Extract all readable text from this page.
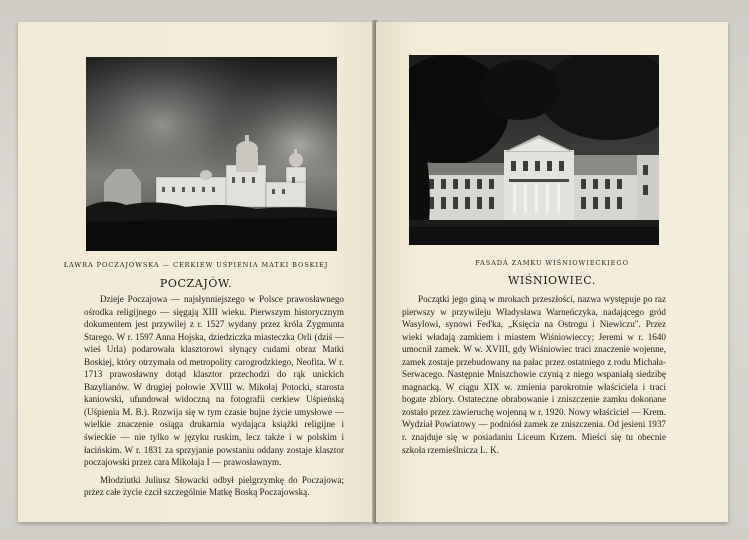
ŁAWRA POCZAJOWSKA — CERKIEW UŚPIENIA MATKI BOSKIEJ
POCZAJÓW.

Dzieje Poczajowa — najsłynniejszego w Polsce prawosławnego ośrodka religijnego — sięgają XIII wieku. Pierwszym historycznym dokumentem jest przywilej z r. 1527 wydany przez króla Zygmunta Starego. W r. 1597 Anna Hojska, dziedziczka miasteczka Orli (dziś — wieś Urla) podarowała klasztorowi słynący cudami obraz Matki Boskiej, który otrzymała od metropolity carogrodzkiego, Neofita. W r. 1713 prawosławny dotąd klasztor przechodzi do rąk unickich Bazylianów. W drugiej połowie XVIII w. Mikołaj Potocki, starosta kaniowski, ufundował widoczną na fotografii cerkiew Uśpieńską (Uśpienia M. B.). Rozwija się w tym czasie bujne życie umysłowe — wielkie znaczenie osiąga drukarnia wydająca książki religijne i świeckie — nie tylko w języku ruskim, lecz także i w polskim i łacińskim. W r. 1831 za sprzyjanie powstaniu oddany zostaje klasztor poczajowski przez cara Mikołaja I — prawosławnym.

Młodziutki Juliusz Słowacki odbył pielgrzymkę do Poczajowa; przez całe życie czcił szczególnie Matkę Boską Poczajowską.

FASADA ZAMKU WIŚNIOWIECKIEGO
WIŚNIOWIEC.

Początki jego giną w mrokach przeszłości, nazwa występuje po raz pierwszy w przywileju Władysława Warneńczyka, nadającego gród Wasylowi, synowi Fed'ka, „Księcia na Ostrogu i Niewiczu". Przez wieki władają zamkiem i miastem Wiśniowieccy; Jeremi w r. 1640 umocnił zamek. W w. XVIII, gdy Wiśniowiec traci znaczenie wojenne, zamek zostaje przebudowany na pałac przez ostatniego z rodu Michała-Serwacego. Następnie Mniszchowie czynią z niego wspaniałą siedzibę magnacką. W ciągu XIX w. zmienia parokrotnie właściciela i traci bogate zbiory. Ostateczne obrabowanie i zniszczenie zamku dokonane zostało przez zawieruchę wojenną w r. 1920. Nowy właściciel — Krem. Wydział Powiatowy — podniósł zamek ze zniszczenia. Od jesieni 1937 r. znajduje się w posiadaniu Liceum Krzem. Mieści się tu obecnie szkoła rzemieślnicza L. K.
